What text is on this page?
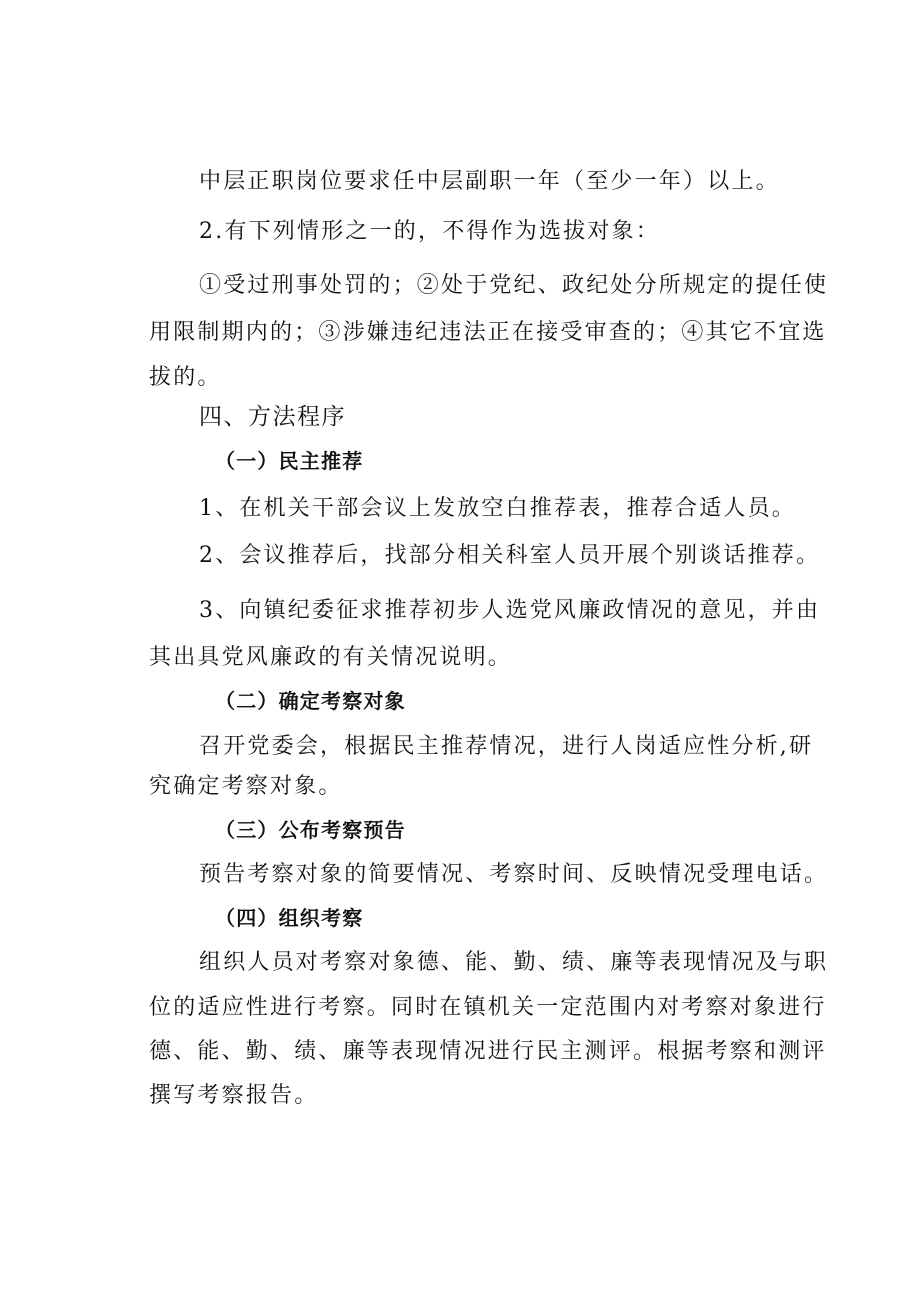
中层正职岗位要求任中层副职一年（至少一年）以上。
2.有下列情形之一的，不得作为选拔对象：
①受过刑事处罚的；②处于党纪、政纪处分所规定的提任使
用限制期内的；③涉嫌违纪违法正在接受审查的；④其它不宜选
拔的。
四、方法程序
（一）民主推荐
1、在机关干部会议上发放空白推荐表，推荐合适人员。
2、会议推荐后，找部分相关科室人员开展个别谈话推荐。
3、向镇纪委征求推荐初步人选党风廉政情况的意见，并由
其出具党风廉政的有关情况说明。
（二）确定考察对象
召开党委会，根据民主推荐情况，进行人岗适应性分析,研
究确定考察对象。
（三）公布考察预告
预告考察对象的简要情况、考察时间、反映情况受理电话。
（四）组织考察
组织人员对考察对象德、能、勤、绩、廉等表现情况及与职
位的适应性进行考察。同时在镇机关一定范围内对考察对象进行
德、能、勤、绩、廉等表现情况进行民主测评。根据考察和测评
撰写考察报告。
